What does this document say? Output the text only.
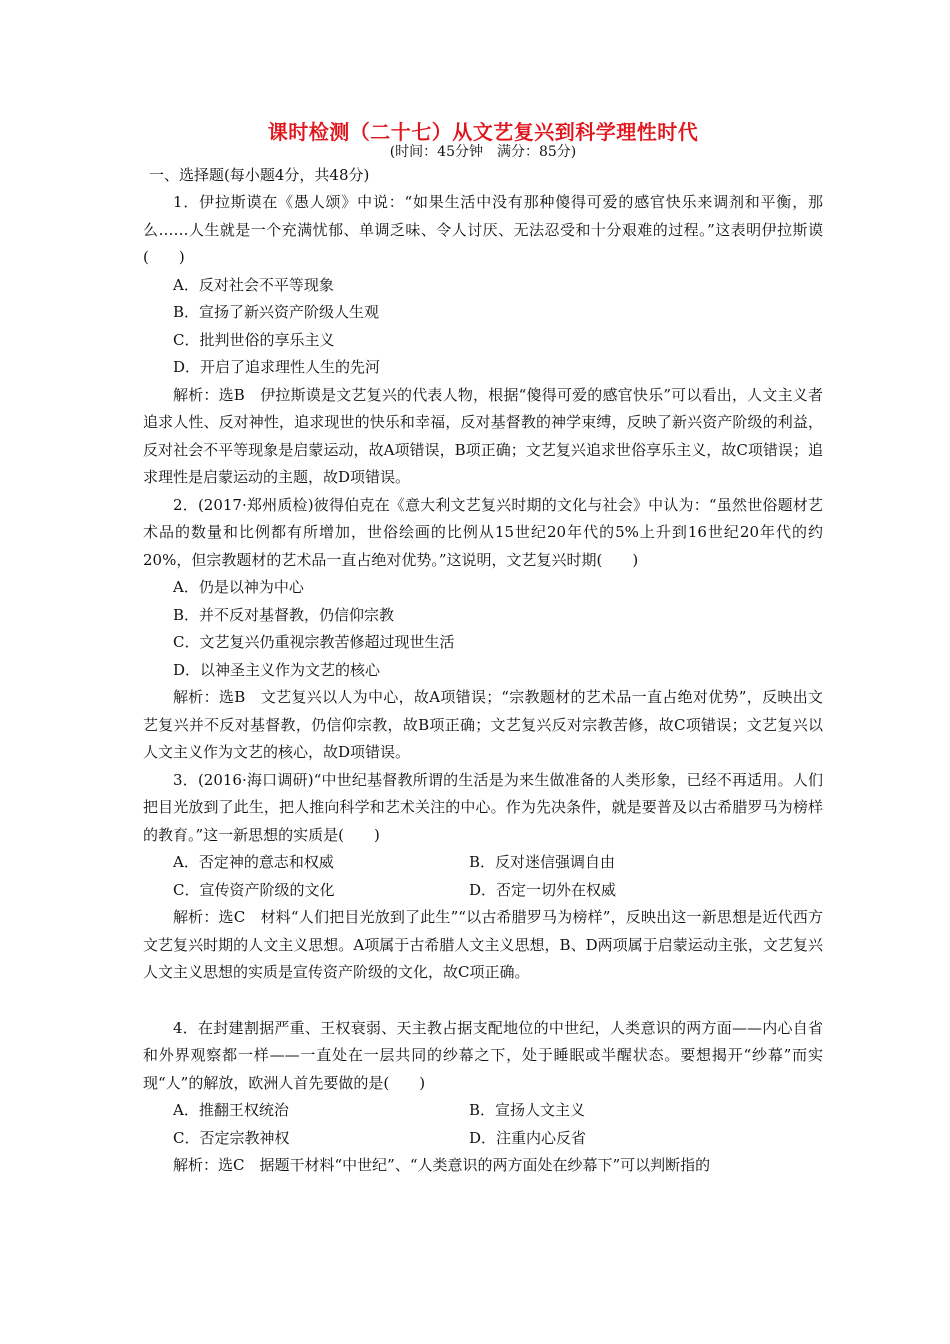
课时检测（二十七）从文艺复兴到科学理性时代
(时间：45分钟　满分：85分)
一、选择题(每小题4分，共48分)

1．伊拉斯谟在《愚人颂》中说：“如果生活中没有那种傻得可爱的感官快乐来调剂和平衡，那么……人生就是一个充满忧郁、单调乏味、令人讨厌、无法忍受和十分艰难的过程。”这表明伊拉斯谟(　　)

A．反对社会不平等现象
B．宣扬了新兴资产阶级人生观
C．批判世俗的享乐主义
D．开启了追求理性人生的先河

解析：选B　伊拉斯谟是文艺复兴的代表人物，根据“傻得可爱的感官快乐”可以看出，人文主义者追求人性、反对神性，追求现世的快乐和幸福，反对基督教的神学束缚，反映了新兴资产阶级的利益，反对社会不平等现象是启蒙运动，故A项错误，B项正确；文艺复兴追求世俗享乐主义，故C项错误；追求理性是启蒙运动的主题，故D项错误。

2．(2017·郑州质检)彼得伯克在《意大利文艺复兴时期的文化与社会》中认为：“虽然世俗题材艺术品的数量和比例都有所增加，世俗绘画的比例从15世纪20年代的5%上升到16世纪20年代的约20%，但宗教题材的艺术品一直占绝对优势。”这说明，文艺复兴时期(　　)

A．仍是以神为中心
B．并不反对基督教，仍信仰宗教
C．文艺复兴仍重视宗教苦修超过现世生活
D．以神圣主义作为文艺的核心

解析：选B　文艺复兴以人为中心，故A项错误；“宗教题材的艺术品一直占绝对优势”，反映出文艺复兴并不反对基督教，仍信仰宗教，故B项正确；文艺复兴反对宗教苦修，故C项错误；文艺复兴以人文主义作为文艺的核心，故D项错误。

3．(2016·海口调研)“中世纪基督教所谓的生活是为来生做准备的人类形象，已经不再适用。人们把目光放到了此生，把人推向科学和艺术关注的中心。作为先决条件，就是要普及以古希腊罗马为榜样的教育。”这一新思想的实质是(　　)

A．否定神的意志和权威	B．反对迷信强调自由
C．宣传资产阶级的文化	D．否定一切外在权威

解析：选C　材料“人们把目光放到了此生”“以古希腊罗马为榜样”，反映出这一新思想是近代西方文艺复兴时期的人文主义思想。A项属于古希腊人文主义思想，B、D两项属于启蒙运动主张，文艺复兴人文主义思想的实质是宣传资产阶级的文化，故C项正确。

4．在封建割据严重、王权衰弱、天主教占据支配地位的中世纪，人类意识的两方面——内心自省和外界观察都一样——一直处在一层共同的纱幕之下，处于睡眠或半醒状态。要想揭开“纱幕”而实现“人”的解放，欧洲人首先要做的是(　　)

A．推翻王权统治	B．宣扬人文主义
C．否定宗教神权	D．注重内心反省

解析：选C　据题干材料“中世纪”、“人类意识的两方面处在纱幕下”可以判断指的
